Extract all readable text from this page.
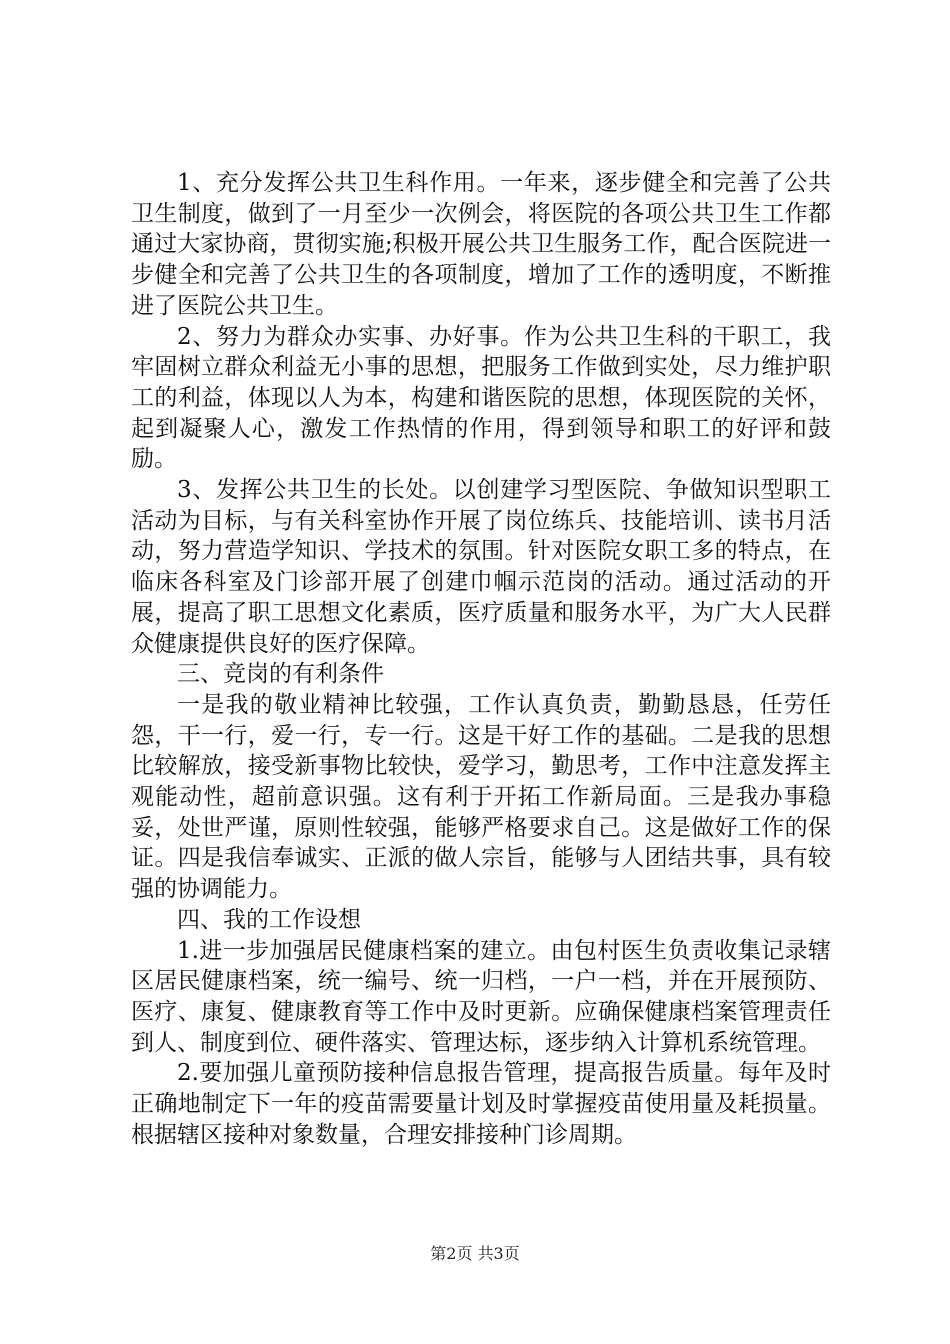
1、充分发挥公共卫生科作用。一年来，逐步健全和完善了公共卫生制度，做到了一月至少一次例会，将医院的各项公共卫生工作都通过大家协商，贯彻实施;积极开展公共卫生服务工作，配合医院进一步健全和完善了公共卫生的各项制度，增加了工作的透明度，不断推进了医院公共卫生。

2、努力为群众办实事、办好事。作为公共卫生科的干职工，我牢固树立群众利益无小事的思想，把服务工作做到实处，尽力维护职工的利益，体现以人为本，构建和谐医院的思想，体现医院的关怀，起到凝聚人心，激发工作热情的作用，得到领导和职工的好评和鼓励。

3、发挥公共卫生的长处。以创建学习型医院、争做知识型职工活动为目标，与有关科室协作开展了岗位练兵、技能培训、读书月活动，努力营造学知识、学技术的氛围。针对医院女职工多的特点，在临床各科室及门诊部开展了创建巾帼示范岗的活动。通过活动的开展，提高了职工思想文化素质，医疗质量和服务水平，为广大人民群众健康提供良好的医疗保障。

三、竞岗的有利条件

一是我的敬业精神比较强，工作认真负责，勤勤恳恳，任劳任怨，干一行，爱一行，专一行。这是干好工作的基础。二是我的思想比较解放，接受新事物比较快，爱学习，勤思考，工作中注意发挥主观能动性，超前意识强。这有利于开拓工作新局面。三是我办事稳妥，处世严谨，原则性较强，能够严格要求自己。这是做好工作的保证。四是我信奉诚实、正派的做人宗旨，能够与人团结共事，具有较强的协调能力。

四、我的工作设想

1.进一步加强居民健康档案的建立。由包村医生负责收集记录辖区居民健康档案，统一编号、统一归档，一户一档，并在开展预防、医疗、康复、健康教育等工作中及时更新。应确保健康档案管理责任到人、制度到位、硬件落实、管理达标，逐步纳入计算机系统管理。

2.要加强儿童预防接种信息报告管理，提高报告质量。每年及时正确地制定下一年的疫苗需要量计划及时掌握疫苗使用量及耗损量。根据辖区接种对象数量，合理安排接种门诊周期。

第2页 共3页
